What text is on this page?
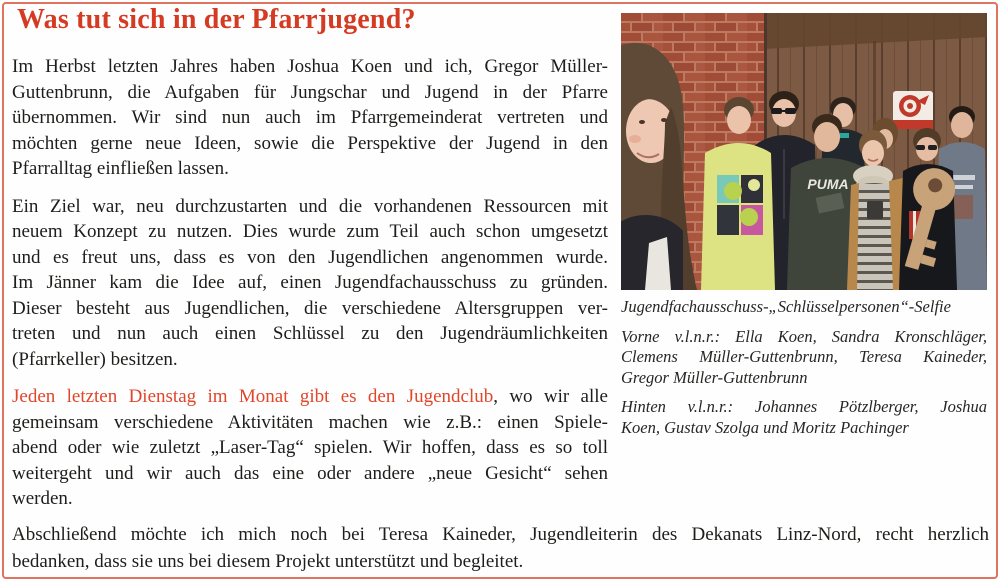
Was tut sich in der Pfarrjugend?

Im Herbst letzten Jahres haben Joshua Koen und ich, Gregor Müller-
Guttenbrunn, die Aufgaben für Jungschar und Jugend in der Pfarre
übernommen. Wir sind nun auch im Pfarrgemeinderat vertreten und
möchten gerne neue Ideen, sowie die Perspektive der Jugend in den
Pfarralltag einfließen lassen.

Ein Ziel war, neu durchzustarten und die vorhandenen Ressourcen mit
neuem Konzept zu nutzen. Dies wurde zum Teil auch schon umgesetzt
und es freut uns, dass es von den Jugendlichen angenommen wurde.
Im Jänner kam die Idee auf, einen Jugendfachausschuss zu gründen.
Dieser besteht aus Jugendlichen, die verschiedene Altersgruppen ver-
treten und nun auch einen Schlüssel zu den Jugendräumlichkeiten
(Pfarrkeller) besitzen.

Jeden letzten Dienstag im Monat gibt es den Jugendclub, wo wir alle
gemeinsam verschiedene Aktivitäten machen wie z.B.: einen Spiele-
abend oder wie zuletzt „Laser-Tag“ spielen. Wir hoffen, dass es so toll
weitergeht und wir auch das eine oder andere „neue Gesicht“ sehen
werden.

PUMA

Jugendfachausschuss-„Schlüsselpersonen“-Selfie

Vorne v.l.n.r.: Ella Koen, Sandra Kronschläger,
Clemens Müller-Guttenbrunn, Teresa Kaineder,
Gregor Müller-Guttenbrunn

Hinten v.l.n.r.: Johannes Pötzlberger, Joshua
Koen, Gustav Szolga und Moritz Pachinger

Abschließend möchte ich mich noch bei Teresa Kaineder, Jugendleiterin des Dekanats Linz-Nord, recht herzlich
bedanken, dass sie uns bei diesem Projekt unterstützt und begleitet.
